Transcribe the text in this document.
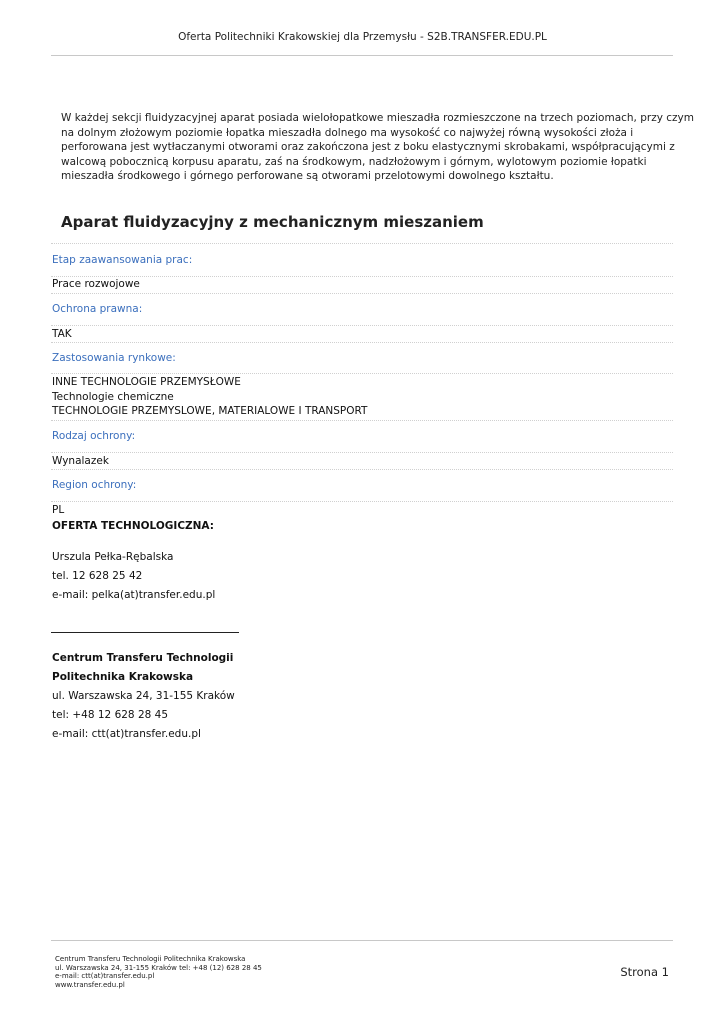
Oferta Politechniki Krakowskiej dla Przemysłu - S2B.TRANSFER.EDU.PL
W każdej sekcji fluidyzacyjnej aparat posiada wielołopatkowe mieszadła rozmieszczone na trzech poziomach, przy czym
na dolnym złożowym poziomie łopatka mieszadła dolnego ma wysokość co najwyżej równą wysokości złoża i
perforowana jest wytłaczanymi otworami oraz zakończona jest z boku elastycznymi skrobakami, współpracującymi z
walcową pobocznicą korpusu aparatu, zaś na środkowym, nadzłożowym i górnym, wylotowym poziomie łopatki
mieszadła środkowego i górnego perforowane są otworami przelotowymi dowolnego kształtu.
Aparat fluidyzacyjny z mechanicznym mieszaniem
Etap zaawansowania prac:
Prace rozwojowe
Ochrona prawna:
TAK
Zastosowania rynkowe:
INNE TECHNOLOGIE PRZEMYSŁOWE
Technologie chemiczne
TECHNOLOGIE PRZEMYSLOWE, MATERIALOWE I TRANSPORT
Rodzaj ochrony:
Wynalazek
Region ochrony:
PL
OFERTA TECHNOLOGICZNA:
Urszula Pełka-Rębalska
tel. 12 628 25 42
e-mail: pelka(at)transfer.edu.pl
Centrum Transferu Technologii
Politechnika Krakowska
ul. Warszawska 24, 31-155 Kraków
tel: +48 12 628 28 45
e-mail: ctt(at)transfer.edu.pl
Centrum Transferu Technologii Politechnika Krakowska
ul. Warszawska 24, 31-155 Kraków tel: +48 (12) 628 28 45
e-mail: ctt(at)transfer.edu.pl
www.transfer.edu.pl
Strona 1
